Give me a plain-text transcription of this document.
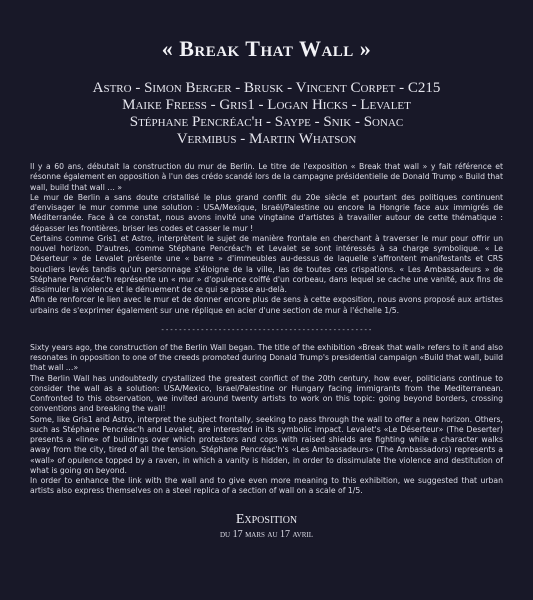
« Break That Wall »
Astro - Simon Berger - Brusk - Vincent Corpet - C215
Maike Freess - Gris1 - Logan Hicks - Levalet
Stéphane Pencréac'h - Saype - Snik - Sonac
Vermibus - Martin Whatson

Il y a 60 ans, débutait la construction du mur de Berlin. Le titre de l'exposition « Break that wall » y fait référence et résonne également en opposition à l'un des crédo scandé lors de la campagne présidentielle de Donald Trump « Build that wall, build that wall … »

Le mur de Berlin a sans doute cristallisé le plus grand conflit du 20e siècle et pourtant des politiques continuent d'envisager le mur comme une solution : USA/Mexique, Israël/Palestine ou encore la Hongrie face aux immigrés de Méditerranée. Face à ce constat, nous avons invité une vingtaine d'artistes à travailler autour de cette thématique : dépasser les frontières, briser les codes et casser le mur !

Certains comme Gris1 et Astro, interprètent le sujet de manière frontale en cherchant à traverser le mur pour offrir un nouvel horizon. D'autres, comme Stéphane Pencréac'h et Levalet se sont intéressés à sa charge symbolique. « Le Déserteur » de Levalet présente une « barre » d'immeubles au-dessus de laquelle s'affrontent manifestants et CRS boucliers levés tandis qu'un personnage s'éloigne de la ville, las de toutes ces crispations. « Les Ambassadeurs » de Stéphane Pencréac'h représente un « mur » d'opulence coiffé d'un corbeau, dans lequel se cache une vanité, aux fins de dissimuler la violence et le dénuement de ce qui se passe au-delà.

Afin de renforcer le lien avec le mur et de donner encore plus de sens à cette exposition, nous avons proposé aux artistes urbains de s'exprimer également sur une réplique en acier d'une section de mur à l'échelle 1/5.

------------------------------------------------

Sixty years ago, the construction of the Berlin Wall began. The title of the exhibition «Break that wall» refers to it and also resonates in opposition to one of the creeds promoted during Donald Trump's presidential campaign «Build that wall, build that wall …»

The Berlin Wall has undoubtedly crystallized the greatest conflict of the 20th century, how ever, politicians continue to consider the wall as a solution: USA/Mexico, Israel/Palestine or Hungary facing immigrants from the Mediterranean. Confronted to this observation, we invited around twenty artists to work on this topic: going beyond borders, crossing conventions and breaking the wall!

Some, like Gris1 and Astro, interpret the subject frontally, seeking to pass through the wall to offer a new horizon. Others, such as Stéphane Pencréac'h and Levalet, are interested in its symbolic impact. Levalet's «Le Déserteur» (The Deserter) presents a «line» of buildings over which protestors and cops with raised shields are fighting while a character walks away from the city, tired of all the tension. Stéphane Pencréac'h's «Les Ambassadeurs» (The Ambassadors) represents a «wall» of opulence topped by a raven, in which a vanity is hidden, in order to dissimulate the violence and destitution of what is going on beyond.

In order to enhance the link with the wall and to give even more meaning to this exhibition, we suggested that urban artists also express themselves on a steel replica of a section of wall on a scale of 1/5.

Exposition
du 17 mars au 17 avril
